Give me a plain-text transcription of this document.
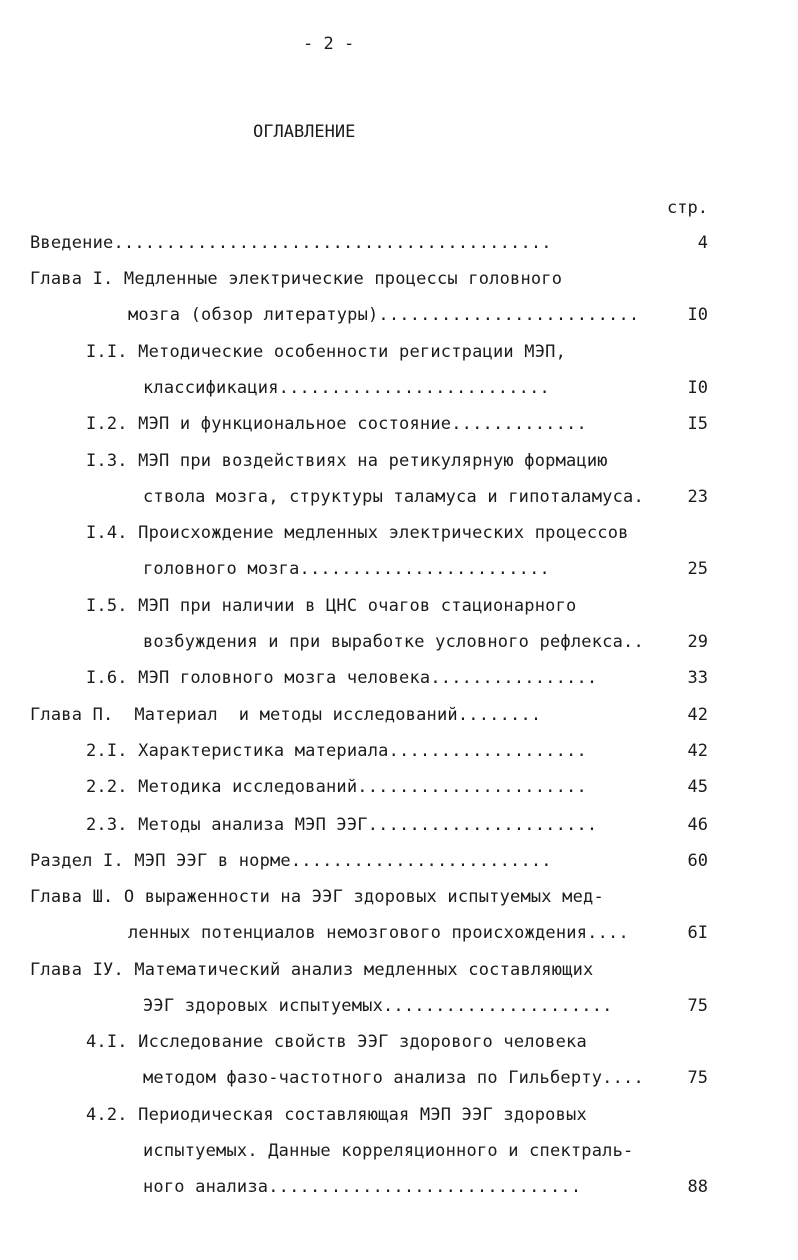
- 2 -
ОГЛАВЛЕНИЕ
стр.
Введение..........................................	4
Глава I. Медленные электрические процессы головного
мозга (обзор литературы).........................	I0
I.I. Методические особенности регистрации МЭП,
классификация..........................	I0
I.2. МЭП и функциональное состояние.............	I5
I.3. МЭП при воздействиях на ретикулярную формацию
ствола мозга, структуры таламуса и гипоталамуса.	23
I.4. Происхождение медленных электрических процессов
головного мозга........................	25
I.5. МЭП при наличии в ЦНС очагов стационарного
возбуждения и при выработке условного рефлекса..	29
I.6. МЭП головного мозга человека................	33
Глава П.  Материал  и методы исследований........	42
2.I. Характеристика материала...................	42
2.2. Методика исследований......................	45
2.3. Методы анализа МЭП ЭЭГ......................	46
Раздел I. МЭП ЭЭГ в норме.........................	60
Глава Ш. О выраженности на ЭЭГ здоровых испытуемых мед-
ленных потенциалов немозгового происхождения....	6I
Глава IУ. Математический анализ медленных составляющих
ЭЭГ здоровых испытуемых......................	75
4.I. Исследование свойств ЭЭГ здорового человека
методом фазо-частотного анализа по Гильберту....	75
4.2. Периодическая составляющая МЭП ЭЭГ здоровых
испытуемых. Данные корреляционного и спектраль-
ного анализа..............................	88
